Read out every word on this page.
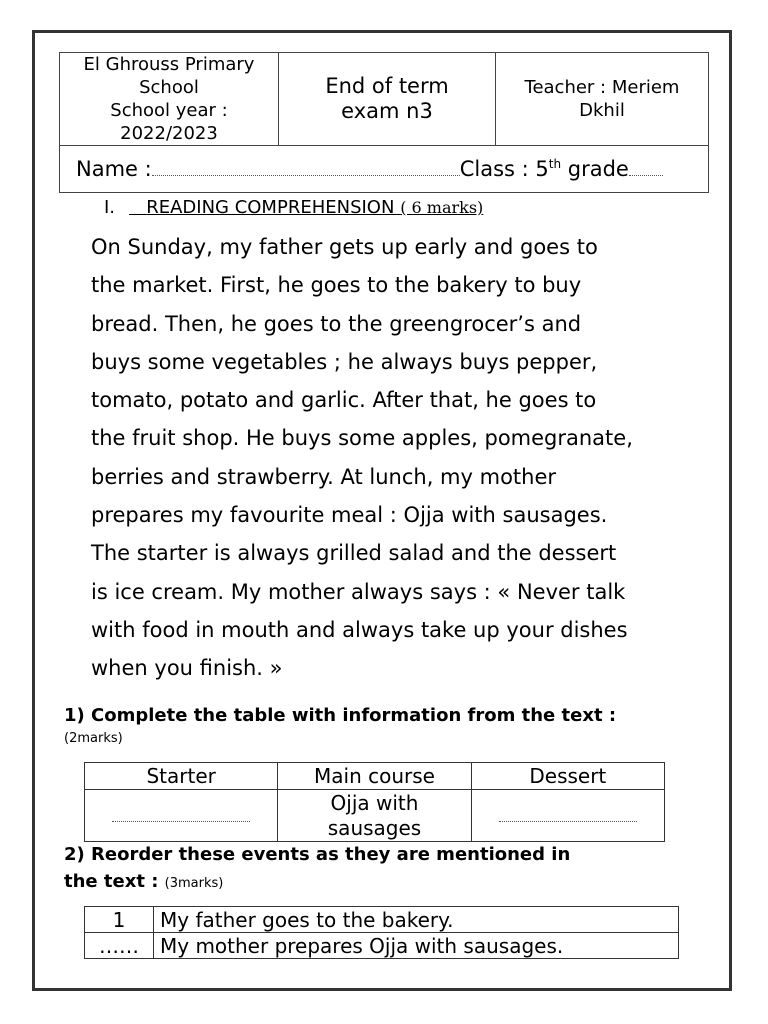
El Ghrouss Primary
School
School year :
2022/2023

End of term
exam n3

Teacher : Meriem
Dkhil

Name :	Class : 5th grade
I. READING COMPREHENSION ( 6 marks)

On Sunday, my father gets up early and goes to
the market. First, he goes to the bakery to buy
bread. Then, he goes to the greengrocer’s and
buys some vegetables ; he always buys pepper,
tomato, potato and garlic. After that, he goes to
the fruit shop. He buys some apples, pomegranate,
berries and strawberry. At lunch, my mother
prepares my favourite meal : Ojja with sausages.
The starter is always grilled salad and the dessert
is ice cream. My mother always says : « Never talk
with food in mouth and always take up your dishes
when you finish. »

1) Complete the table with information from the text :
(2marks)
Starter	Main course	Dessert

	Ojja with
sausages	

2) Reorder these events as they are mentioned in
the text : (3marks)
1	My father goes to the bakery.
……	My mother prepares Ojja with sausages.
